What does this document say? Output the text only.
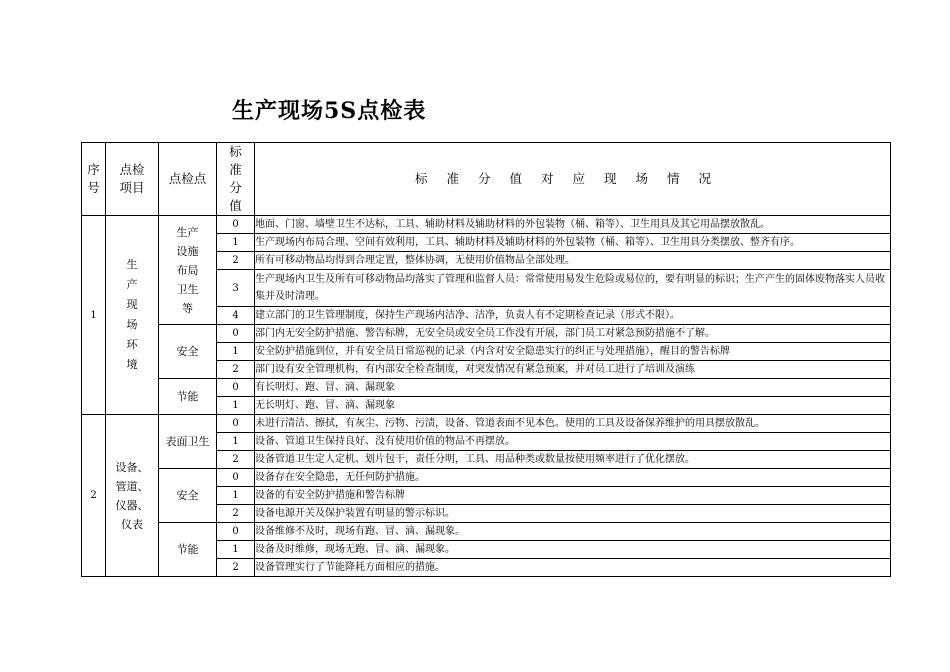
生产现场5S点检表
序号	点检项目	点检点	标准分值	标准分值对应现场情况
1	生产现场环境	生产设施布局卫生等	0	地面、门窗、墙壁卫生不达标，工具、辅助材料及辅助材料的外包装物（桶、箱等）、卫生用具及其它用品摆放散乱。
			1	生产现场内布局合理、空间有效利用，工具、辅助材料及辅助材料的外包装物（桶、箱等）、卫生用具分类摆放、整齐有序。
			2	所有可移动物品均得到合理定置，整体协调，无使用价值物品全部处理。
			3	生产现场内卫生及所有可移动物品均落实了管理和监督人员：常常使用易发生危险或易位的，要有明显的标识；生产产生的固体废物落实人员收集并及时清理。
			4	建立部门的卫生管理制度，保持生产现场内洁净、洁净，负责人有不定期检查记录（形式不限）。
		安全	0	部门内无安全防护措施、警告标牌，无安全员或安全员工作没有开展，部门员工对紧急预防措施不了解。
			1	安全防护措施到位，并有安全员日常巡视的记录（内含对安全隐患实行的纠正与处理措施），醒目的警告标牌
			2	部门设有安全管理机构，有内部安全检查制度，对突发情况有紧急预案，并对员工进行了培训及演练
		节能	0	有长明灯、跑、冒、滴、漏现象
			1	无长明灯、跑、冒、滴、漏现象
2	设备、管道、仪器、仪表	表面卫生	0	未进行清洁、擦拭，有灰尘、污物、污渍，设备、管道表面不见本色。使用的工具及设备保养维护的用具摆放散乱。
			1	设备、管道卫生保持良好、没有使用价值的物品不再摆放。
			2	设备管道卫生定人定机、划片包干，责任分明，工具、用品种类或数量按使用频率进行了优化摆放。
		安全	0	设备存在安全隐患，无任何防护措施。
			1	设备的有安全防护措施和警告标牌
			2	设备电源开关及保护装置有明显的警示标识。
		节能	0	设备维修不及时，现场有跑、冒、滴、漏现象。
			1	设备及时维修，现场无跑、冒、滴、漏现象。
			2	设备管理实行了节能降耗方面相应的措施。
